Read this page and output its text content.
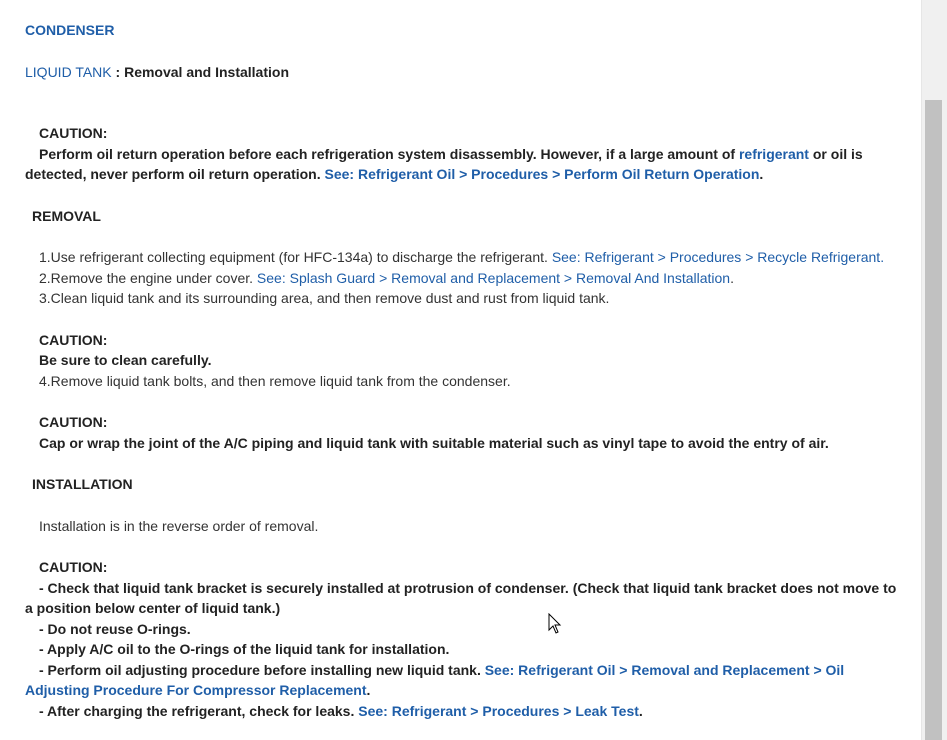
CONDENSER
LIQUID TANK : Removal and Installation
CAUTION:
Perform oil return operation before each refrigeration system disassembly. However, if a large amount of refrigerant or oil is detected, never perform oil return operation. See: Refrigerant Oil > Procedures > Perform Oil Return Operation.
REMOVAL
1.Use refrigerant collecting equipment (for HFC-134a) to discharge the refrigerant. See: Refrigerant > Procedures > Recycle Refrigerant.
2.Remove the engine under cover. See: Splash Guard > Removal and Replacement > Removal And Installation.
3.Clean liquid tank and its surrounding area, and then remove dust and rust from liquid tank.
CAUTION:
Be sure to clean carefully.
4.Remove liquid tank bolts, and then remove liquid tank from the condenser.
CAUTION:
Cap or wrap the joint of the A/C piping and liquid tank with suitable material such as vinyl tape to avoid the entry of air.
INSTALLATION
Installation is in the reverse order of removal.
CAUTION:
- Check that liquid tank bracket is securely installed at protrusion of condenser. (Check that liquid tank bracket does not move to a position below center of liquid tank.)
- Do not reuse O-rings.
- Apply A/C oil to the O-rings of the liquid tank for installation.
- Perform oil adjusting procedure before installing new liquid tank. See: Refrigerant Oil > Removal and Replacement > Oil Adjusting Procedure For Compressor Replacement.
- After charging the refrigerant, check for leaks. See: Refrigerant > Procedures > Leak Test.
